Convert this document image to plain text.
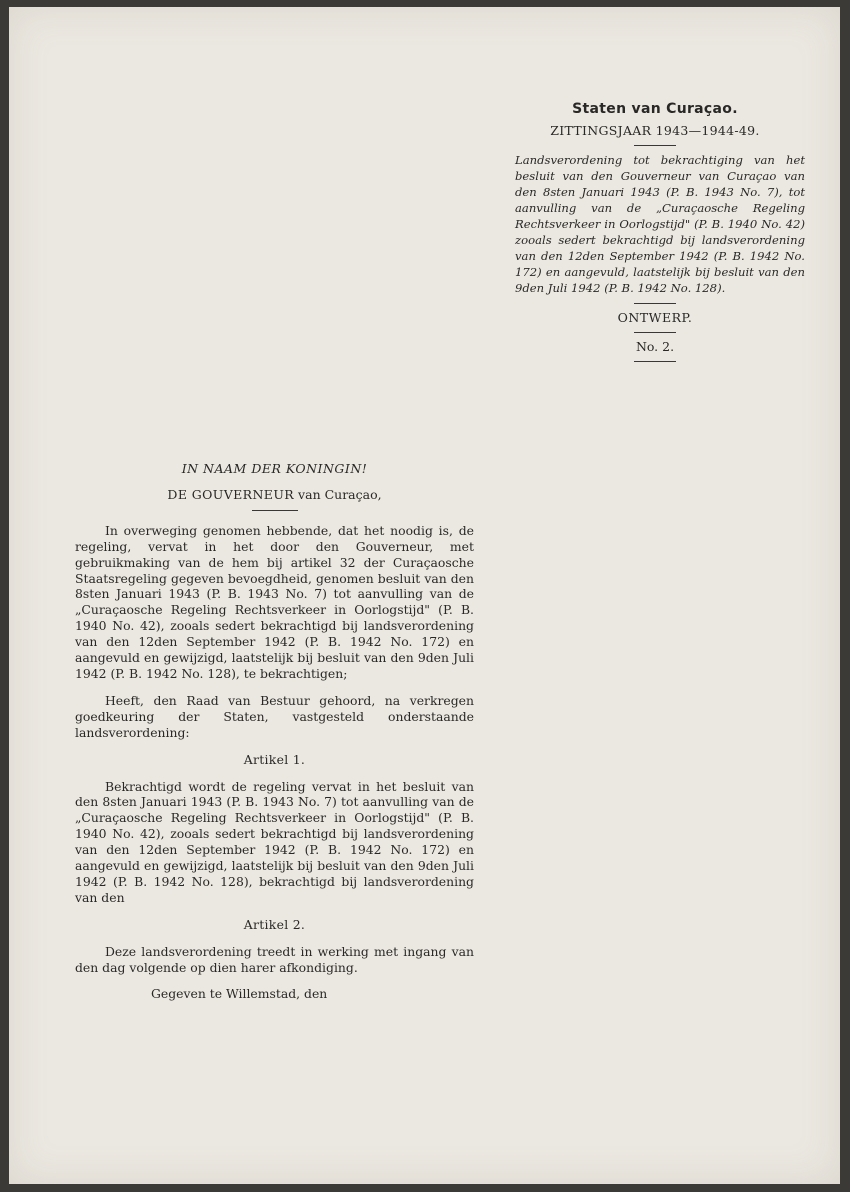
Staten van Curaçao.
ZITTINGSJAAR 1943—1944-49.
Landsverordening tot bekrachtiging van het besluit van den Gouverneur van Curaçao van den 8sten Januari 1943 (P. B. 1943 No. 7), tot aanvulling van de „Curaçaosche Regeling Rechtsverkeer in Oorlogstijd" (P. B. 1940 No. 42) zooals sedert bekrachtigd bij landsverordening van den 12den September 1942 (P. B. 1942 No. 172) en aangevuld, laatstelijk bij besluit van den 9den Juli 1942 (P. B. 1942 No. 128).
ONTWERP.
No. 2.
IN NAAM DER KONINGIN!
DE GOUVERNEUR van Curaçao,

In overweging genomen hebbende, dat het noodig is, de regeling, vervat in het door den Gouverneur, met gebruikmaking van de hem bij artikel 32 der Curaçaosche Staatsregeling gegeven bevoegdheid, genomen besluit van den 8sten Januari 1943 (P. B. 1943 No. 7) tot aanvulling van de „Curaçaosche Regeling Rechtsverkeer in Oorlogstijd" (P. B. 1940 No. 42), zooals sedert bekrachtigd bij landsverordening van den 12den September 1942 (P. B. 1942 No. 172) en aangevuld en gewijzigd, laatstelijk bij besluit van den 9den Juli 1942 (P. B. 1942 No. 128), te bekrachtigen;

Heeft, den Raad van Bestuur gehoord, na verkregen goedkeuring der Staten, vastgesteld onderstaande landsverordening:

Artikel 1.

Bekrachtigd wordt de regeling vervat in het besluit van den 8sten Januari 1943 (P. B. 1943 No. 7) tot aanvulling van de „Curaçaosche Regeling Rechtsverkeer in Oorlogstijd" (P. B. 1940 No. 42), zooals sedert bekrachtigd bij landsverordening van den 12den September 1942 (P. B. 1942 No. 172) en aangevuld en gewijzigd, laatstelijk bij besluit van den 9den Juli 1942 (P. B. 1942 No. 128), bekrachtigd bij landsverordening van den

Artikel 2.

Deze landsverordening treedt in werking met ingang van den dag volgende op dien harer afkondiging.

Gegeven te Willemstad, den
